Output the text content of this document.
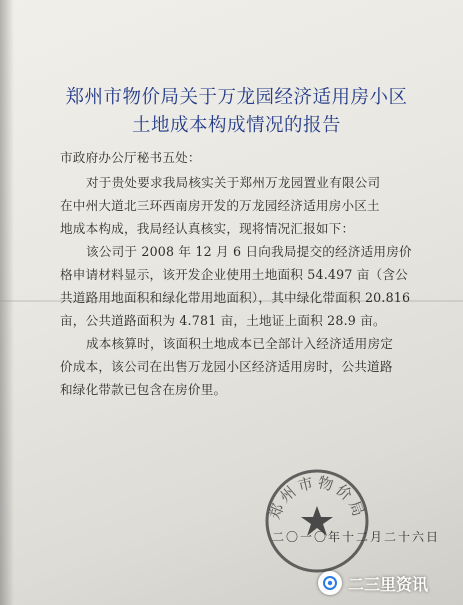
郑州市物价局关于万龙园经济适用房小区
土地成本构成情况的报告
市政府办公厅秘书五处：
对于贵处要求我局核实关于郑州万龙园置业有限公司
在中州大道北三环西南房开发的万龙园经济适用房小区土
地成本构成，我局经认真核实，现将情况汇报如下：
该公司于 2008 年 12 月 6 日向我局提交的经济适用房价
格申请材料显示，该开发企业使用土地面积 54.497 亩（含公
共道路用地面积和绿化带用地面积），其中绿化带面积 20.816
亩，公共道路面积为 4.781 亩，土地证上面积 28.9 亩。
成本核算时，该面积土地成本已全部计入经济适用房定
价成本，该公司在出售万龙园小区经济适用房时，公共道路
和绿化带款已包含在房价里。
郑州市物价局
二〇一〇年十二月二十六日
二三里资讯
